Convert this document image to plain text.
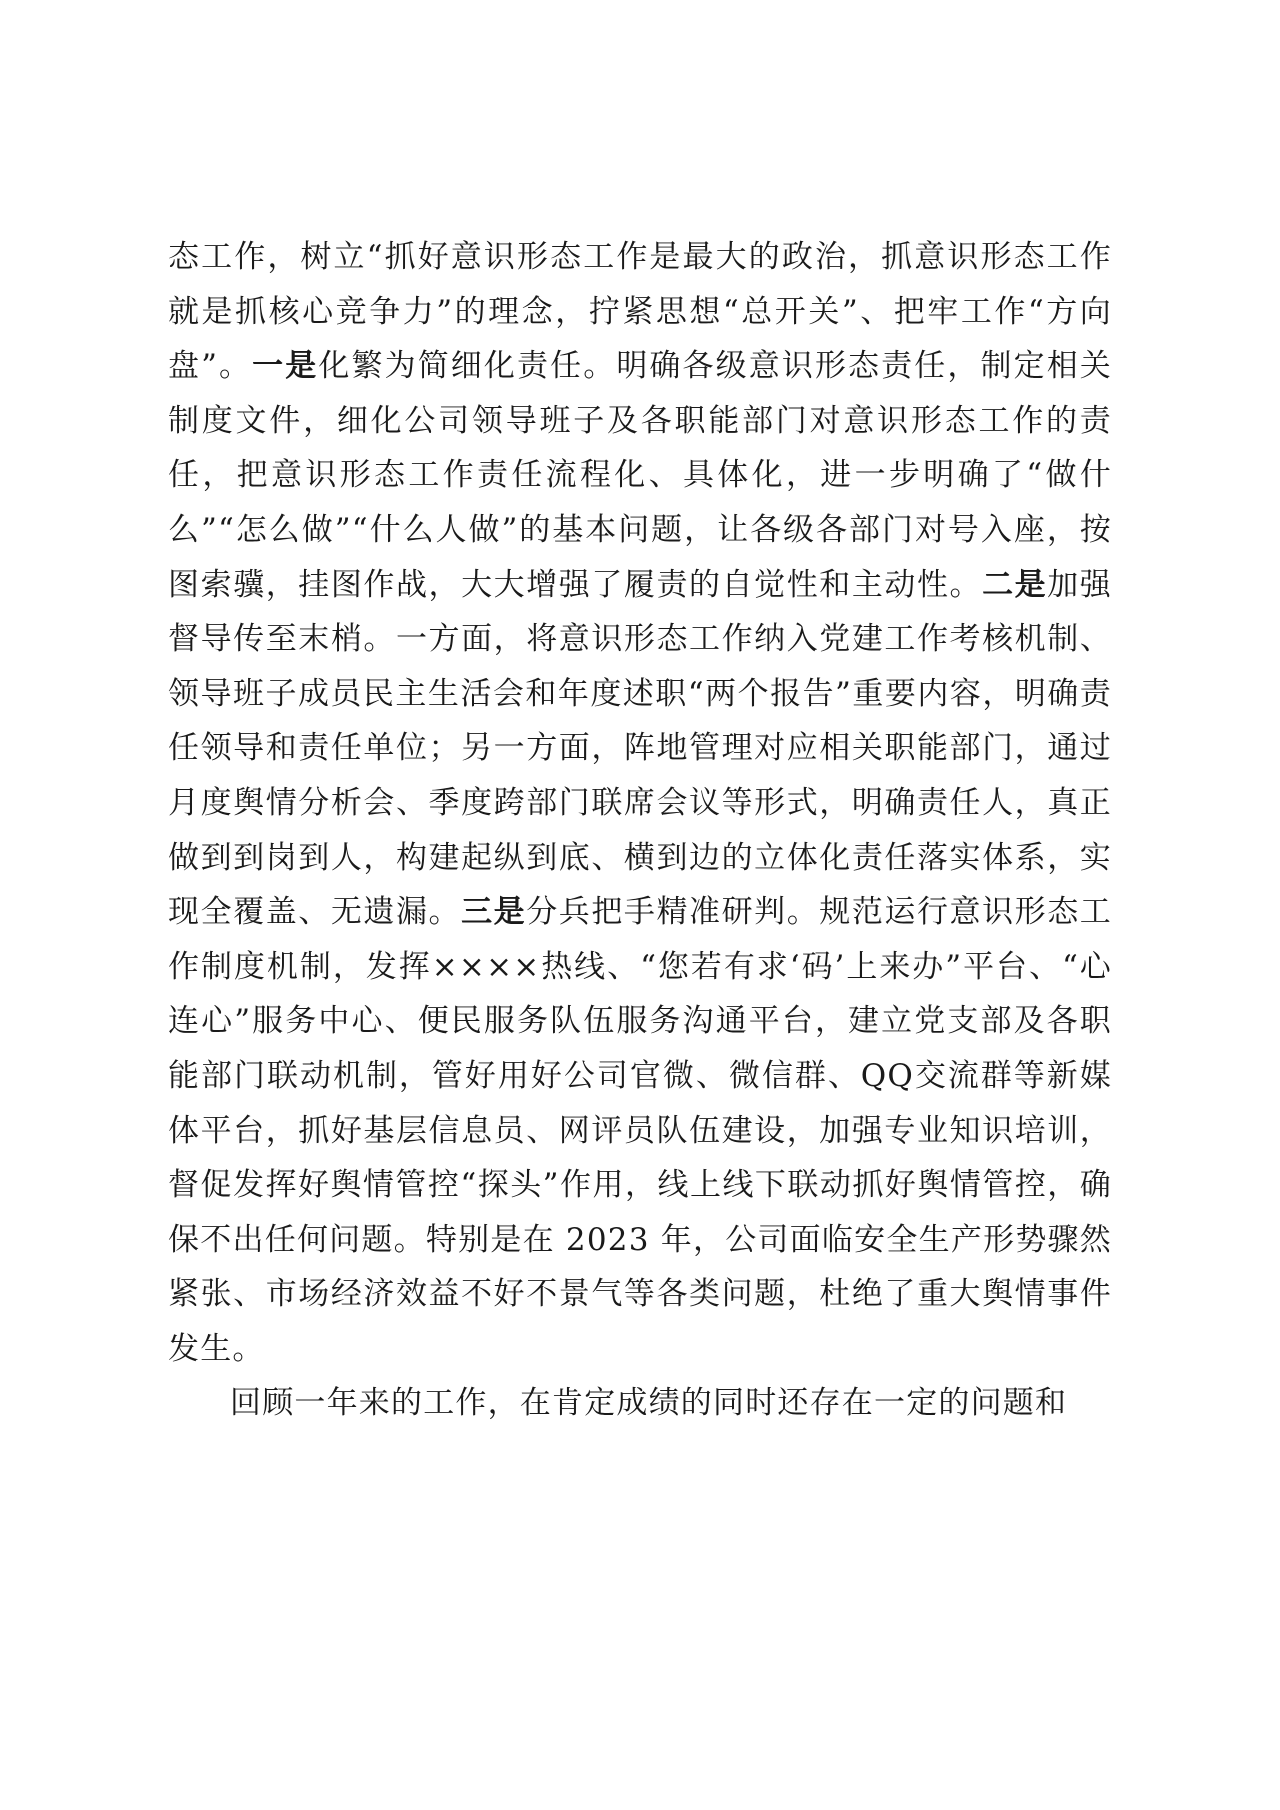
态工作，树立“抓好意识形态工作是最大的政治，抓意识形态工作就是抓核心竞争力”的理念，拧紧思想“总开关”、把牢工作“方向盘”。一是化繁为简细化责任。明确各级意识形态责任，制定相关制度文件，细化公司领导班子及各职能部门对意识形态工作的责任，把意识形态工作责任流程化、具体化，进一步明确了“做什么”“怎么做”“什么人做”的基本问题，让各级各部门对号入座，按图索骥，挂图作战，大大增强了履责的自觉性和主动性。二是加强督导传至末梢。一方面，将意识形态工作纳入党建工作考核机制、领导班子成员民主生活会和年度述职“两个报告”重要内容，明确责任领导和责任单位；另一方面，阵地管理对应相关职能部门，通过月度舆情分析会、季度跨部门联席会议等形式，明确责任人，真正做到到岗到人，构建起纵到底、横到边的立体化责任落实体系，实现全覆盖、无遗漏。三是分兵把手精准研判。规范运行意识形态工作制度机制，发挥××××热线、“您若有求‘码’上来办”平台、“心连心”服务中心、便民服务队伍服务沟通平台，建立党支部及各职能部门联动机制，管好用好公司官微、微信群、QQ交流群等新媒体平台，抓好基层信息员、网评员队伍建设，加强专业知识培训，督促发挥好舆情管控“探头”作用，线上线下联动抓好舆情管控，确保不出任何问题。特别是在 2023 年，公司面临安全生产形势骤然紧张、市场经济效益不好不景气等各类问题，杜绝了重大舆情事件发生。

回顾一年来的工作，在肯定成绩的同时还存在一定的问题和
